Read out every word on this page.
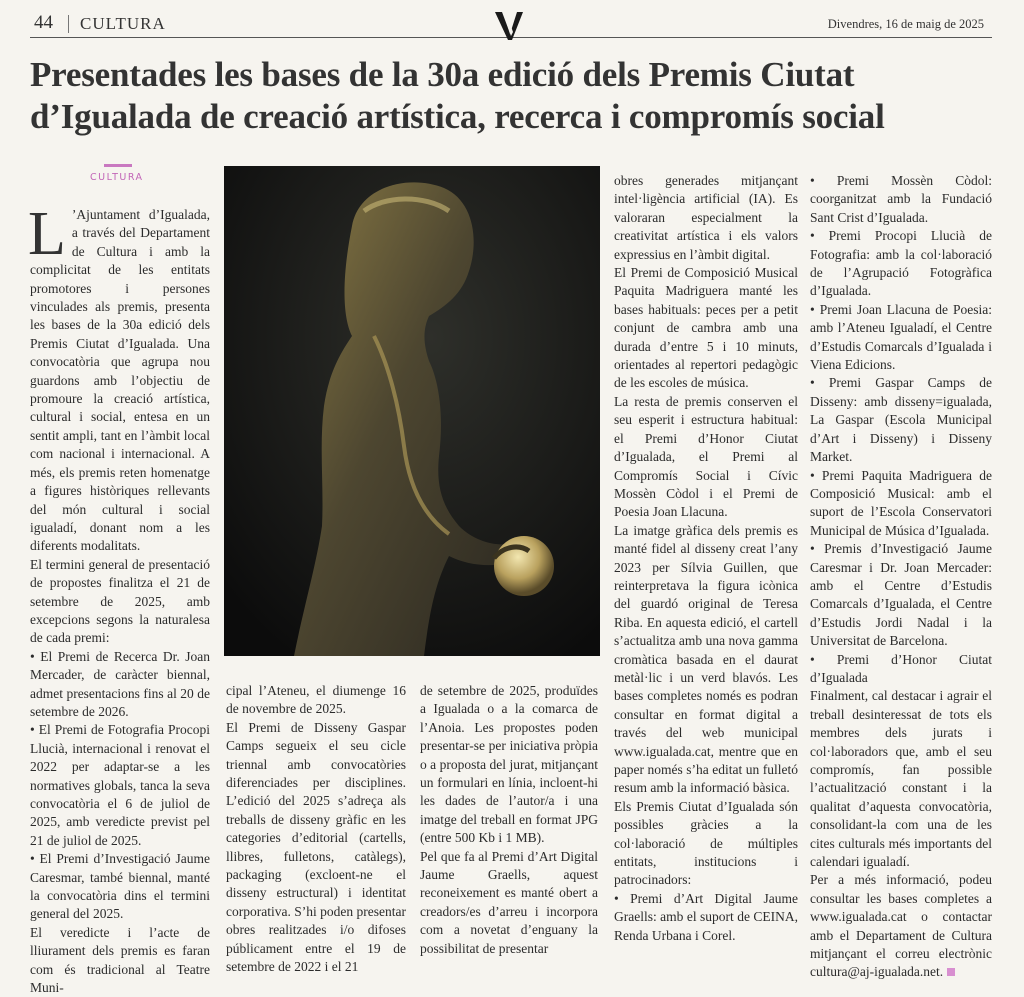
44 CULTURA	Divendres, 16 de maig de 2025
Presentades les bases de la 30a edició dels Premis Ciutat d’Igualada de creació artística, recerca i compromís social
CULTURA

L ’Ajuntament d’Igualada, a través del Departament de Cultura i amb la complicitat de les entitats promotores i persones vinculades als premis, presenta les bases de la 30a edició dels Premis Ciutat d’Igualada. Una convocatòria que agrupa nou guardons amb l’objectiu de promoure la creació artística, cultural i social, entesa en un sentit ampli, tant en l’àmbit local com nacional i internacional. A més, els premis reten homenatge a figures històriques rellevants del món cultural i social igualadí, donant nom a les diferents modalitats.

El termini general de presentació de propostes finalitza el 21 de setembre de 2025, amb excepcions segons la naturalesa de cada premi:

• El Premi de Recerca Dr. Joan Mercader, de caràcter biennal, admet presentacions fins al 20 de setembre de 2026.

• El Premi de Fotografia Procopi Llucià, internacional i renovat el 2022 per adaptar-se a les normatives globals, tanca la seva convocatòria el 6 de juliol de 2025, amb veredicte previst pel 21 de juliol de 2025.

• El Premi d’Investigació Jaume Caresmar, també biennal, manté la convocatòria dins el termini general del 2025.

El veredicte i l’acte de lliurament dels premis es faran com és tradicional al Teatre Muni-

cipal l’Ateneu, el diumenge 16 de novembre de 2025.

El Premi de Disseny Gaspar Camps segueix el seu cicle triennal amb convocatòries diferenciades per disciplines. L’edició del 2025 s’adreça als treballs de disseny gràfic en les categories d’editorial (cartells, llibres, fulletons, catàlegs), packaging (excloent-ne el disseny estructural) i identitat corporativa. S’hi poden presentar obres realitzades i/o difoses públicament entre el 19 de setembre de 2022 i el 21

de setembre de 2025, produïdes a Igualada o a la comarca de l’Anoia. Les propostes poden presentar-se per iniciativa pròpia o a proposta del jurat, mitjançant un formulari en línia, incloent-hi les dades de l’autor/a i una imatge del treball en format JPG (entre 500 Kb i 1 MB).

Pel que fa al Premi d’Art Digital Jaume Graells, aquest reconeixement es manté obert a creadors/es d’arreu i incorpora com a novetat d’enguany la possibilitat de presentar

obres generades mitjançant intel·ligència artificial (IA). Es valoraran especialment la creativitat artística i els valors expressius en l’àmbit digital.

El Premi de Composició Musical Paquita Madriguera manté les bases habituals: peces per a petit conjunt de cambra amb una durada d’entre 5 i 10 minuts, orientades al repertori pedagògic de les escoles de música.

La resta de premis conserven el seu esperit i estructura habitual: el Premi d’Honor Ciutat d’Igualada, el Premi al Compromís Social i Cívic Mossèn Còdol i el Premi de Poesia Joan Llacuna.

La imatge gràfica dels premis es manté fidel al disseny creat l’any 2023 per Sílvia Guillen, que reinterpretava la figura icònica del guardó original de Teresa Riba. En aquesta edició, el cartell s’actualitza amb una nova gamma cromàtica basada en el daurat metàl·lic i un verd blavós. Les bases completes només es podran consultar en format digital a través del web municipal www.igualada.cat, mentre que en paper només s’ha editat un fulletó resum amb la informació bàsica.

Els Premis Ciutat d’Igualada són possibles gràcies a la col·laboració de múltiples entitats, institucions i patrocinadors:

• Premi d’Art Digital Jaume Graells: amb el suport de CEINA, Renda Urbana i Corel.

• Premi Mossèn Còdol: coorganitzat amb la Fundació Sant Crist d’Igualada.

• Premi Procopi Llucià de Fotografia: amb la col·laboració de l’Agrupació Fotogràfica d’Igualada.

• Premi Joan Llacuna de Poesia: amb l’Ateneu Igualadí, el Centre d’Estudis Comarcals d’Igualada i Viena Edicions.

• Premi Gaspar Camps de Disseny: amb disseny=igualada, La Gaspar (Escola Municipal d’Art i Disseny) i Disseny Market.

• Premi Paquita Madriguera de Composició Musical: amb el suport de l’Escola Conservatori Municipal de Música d’Igualada.

• Premis d’Investigació Jaume Caresmar i Dr. Joan Mercader: amb el Centre d’Estudis Comarcals d’Igualada, el Centre d’Estudis Jordi Nadal i la Universitat de Barcelona.

• Premi d’Honor Ciutat d’Igualada

Finalment, cal destacar i agrair el treball desinteressat de tots els membres dels jurats i col·laboradors que, amb el seu compromís, fan possible l’actualització constant i la qualitat d’aquesta convocatòria, consolidant-la com una de les cites culturals més importants del calendari igualadí.

Per a més informació, podeu consultar les bases completes a www.igualada.cat o contactar amb el Departament de Cultura mitjançant el correu electrònic cultura@aj-igualada.net.
